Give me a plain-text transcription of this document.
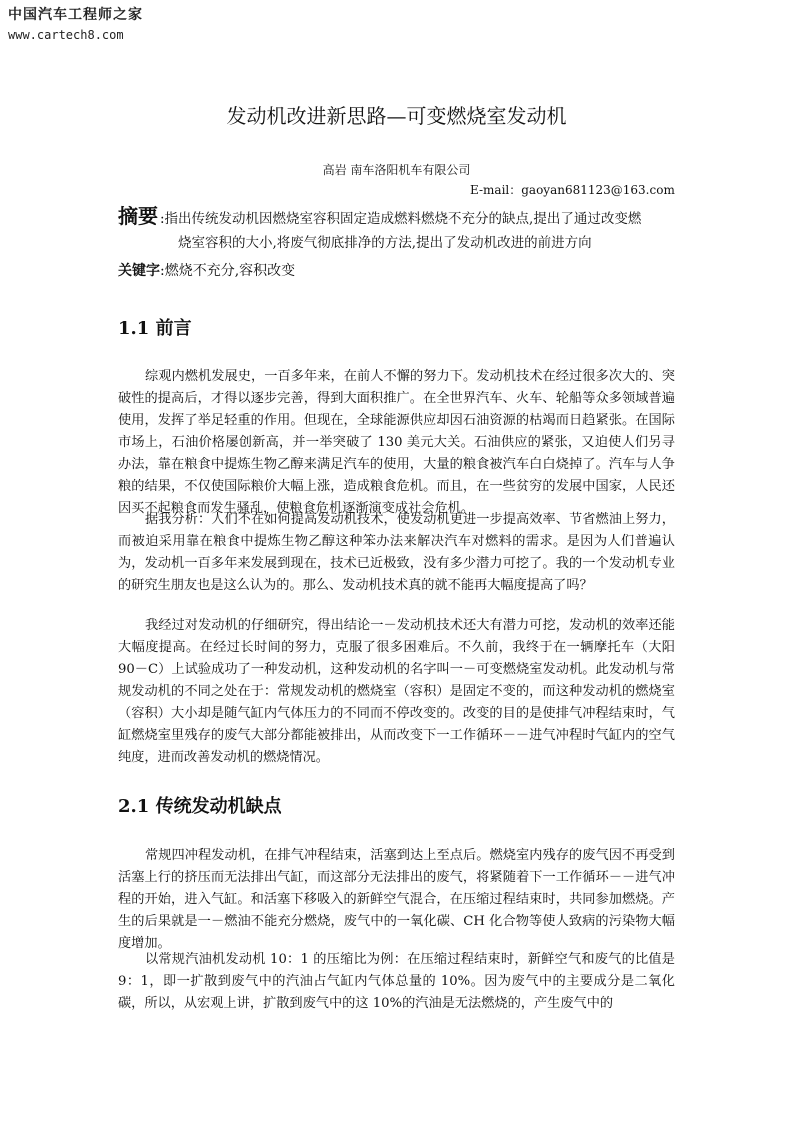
中国汽车工程师之家
www.cartech8.com
发动机改进新思路—可变燃烧室发动机
高岩 南车洛阳机车有限公司
E-mail：gaoyan681123@163.com
摘要 :指出传统发动机因燃烧室容积固定造成燃料燃烧不充分的缺点,提出了通过改变燃
烧室容积的大小,将废气彻底排净的方法,提出了发动机改进的前进方向
关键字:燃烧不充分,容积改变
1.1 前言

综观内燃机发展史，一百多年来，在前人不懈的努力下。发动机技术在经过很多次大的、突破性的提高后，才得以逐步完善，得到大面积推广。在全世界汽车、火车、轮船等众多领域普遍使用，发挥了举足轻重的作用。但现在，全球能源供应却因石油资源的枯竭而日趋紧张。在国际市场上，石油价格屡创新高，并一举突破了 130 美元大关。石油供应的紧张，又迫使人们另寻办法，靠在粮食中提炼生物乙醇来满足汽车的使用，大量的粮食被汽车白白烧掉了。汽车与人争粮的结果，不仅使国际粮价大幅上涨，造成粮食危机。而且，在一些贫穷的发展中国家，人民还因买不起粮食而发生骚乱，使粮食危机逐渐演变成社会危机。

据我分析：人们不在如何提高发动机技术，使发动机更进一步提高效率、节省燃油上努力，而被迫采用靠在粮食中提炼生物乙醇这种笨办法来解决汽车对燃料的需求。是因为人们普遍认为，发动机一百多年来发展到现在，技术已近极致，没有多少潜力可挖了。我的一个发动机专业的研究生朋友也是这么认为的。那么、发动机技术真的就不能再大幅度提高了吗？

我经过对发动机的仔细研究，得出结论一－发动机技术还大有潜力可挖，发动机的效率还能大幅度提高。在经过长时间的努力，克服了很多困难后。不久前，我终于在一辆摩托车（大阳 90－C）上试验成功了一种发动机，这种发动机的名字叫一－可变燃烧室发动机。此发动机与常规发动机的不同之处在于：常规发动机的燃烧室（容积）是固定不变的，而这种发动机的燃烧室（容积）大小却是随气缸内气体压力的不同而不停改变的。改变的目的是使排气冲程结束时，气缸燃烧室里残存的废气大部分都能被排出，从而改变下一工作循环－－进气冲程时气缸内的空气纯度，进而改善发动机的燃烧情况。

2.1 传统发动机缺点

常规四冲程发动机，在排气冲程结束，活塞到达上至点后。燃烧室内残存的废气因不再受到活塞上行的挤压而无法排出气缸，而这部分无法排出的废气，将紧随着下一工作循环－－进气冲程的开始，进入气缸。和活塞下移吸入的新鲜空气混合，在压缩过程结束时，共同参加燃烧。产生的后果就是一－燃油不能充分燃烧，废气中的一氧化碳、CH 化合物等使人致病的污染物大幅度增加。

以常规汽油机发动机 10：1 的压缩比为例：在压缩过程结束时，新鲜空气和废气的比值是 9：1，即一扩散到废气中的汽油占气缸内气体总量的 10%。因为废气中的主要成分是二氧化碳，所以，从宏观上讲，扩散到废气中的这 10%的汽油是无法燃烧的，产生废气中的
